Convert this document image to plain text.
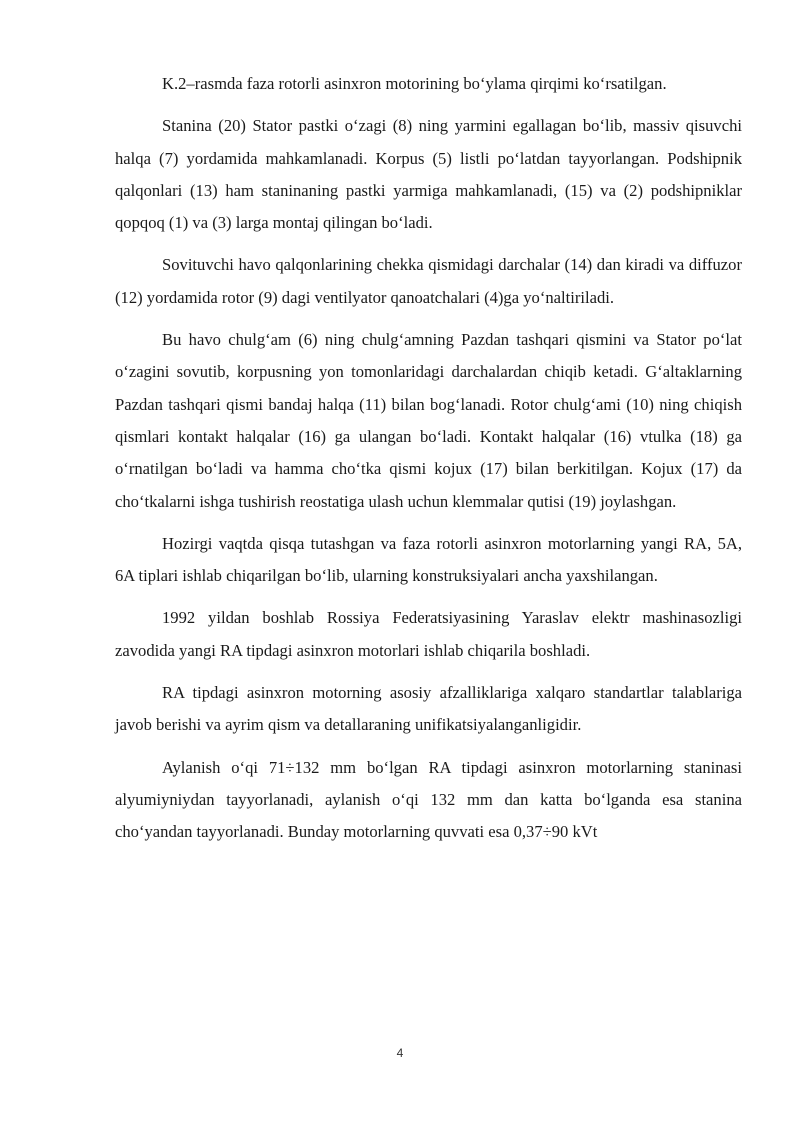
K.2–rasmda faza rotorli asinxron motorining bo‘ylama qirqimi ko‘rsatilgan.

Stanina (20) Stator pastki o‘zagi (8) ning yarmini egallagan bo‘lib, massiv qisuvchi halqa (7) yordamida mahkamlanadi. Korpus (5) listli po‘latdan tayyorlangan. Podshipnik qalqonlari (13) ham staninaning pastki yarmiga mahkamlanadi, (15) va (2) podshipniklar qopqoq (1) va (3) larga montaj qilingan bo‘ladi.

Sovituvchi havo qalqonlarining chekka qismidagi darchalar (14) dan kiradi va diffuzor (12) yordamida rotor (9) dagi ventilyator qanoatchalari (4)ga yo‘naltiriladi.

Bu havo chulg‘am (6) ning chulg‘amning Pazdan tashqari qismini va Stator po‘lat o‘zagini sovutib, korpusning yon tomonlaridagi darchalardan chiqib ketadi. G‘altaklarning Pazdan tashqari qismi bandaj halqa (11) bilan bog‘lanadi. Rotor chulg‘ami (10) ning chiqish qismlari kontakt halqalar (16) ga ulangan bo‘ladi. Kontakt halqalar (16) vtulka (18) ga o‘rnatilgan bo‘ladi va hamma cho‘tka qismi kojux (17) bilan berkitilgan. Kojux (17) da cho‘tkalarni ishga tushirish reostatiga ulash uchun klemmalar qutisi (19) joylashgan.

Hozirgi vaqtda qisqa tutashgan va faza rotorli asinxron motorlarning yangi RA, 5A, 6A tiplari ishlab chiqarilgan bo‘lib, ularning konstruksiyalari ancha yaxshilangan.

1992 yildan boshlab Rossiya Federatsiyasining Yaraslav elektr mashinasozligi zavodida yangi RA tipdagi asinxron motorlari ishlab chiqarila boshladi.

RA tipdagi asinxron motorning asosiy afzalliklariga xalqaro standartlar talablariga javob berishi va ayrim qism va detallaraning unifikatsiyalanganligidir.

Aylanish o‘qi 71÷132 mm bo‘lgan RA tipdagi asinxron motorlarning staninasi alyumiyniydan tayyorlanadi, aylanish o‘qi 132 mm dan katta bo‘lganda esa stanina cho‘yandan tayyorlanadi. Bunday motorlarning quvvati esa 0,37÷90 kVt

4
